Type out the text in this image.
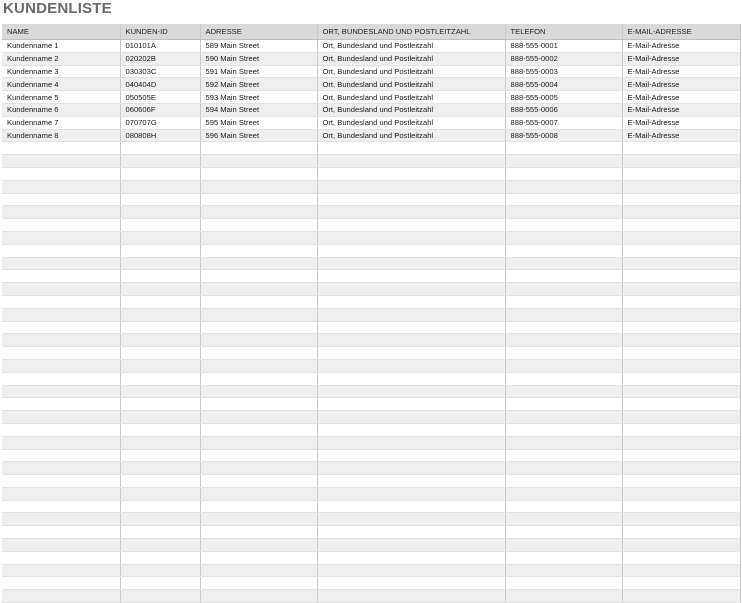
KUNDENLISTE
NAME	KUNDEN-ID	ADRESSE	ORT, BUNDESLAND UND POSTLEITZAHL	TELEFON	E-MAIL-ADRESSE
Kundenname 1	010101A	589 Main Street	Ort, Bundesland und Postleitzahl	888-555-0001	E-Mail-Adresse
Kundenname 2	020202B	590 Main Street	Ort, Bundesland und Postleitzahl	888-555-0002	E-Mail-Adresse
Kundenname 3	030303C	591 Main Street	Ort, Bundesland und Postleitzahl	888-555-0003	E-Mail-Adresse
Kundenname 4	040404D	592 Main Street	Ort, Bundesland und Postleitzahl	888-555-0004	E-Mail-Adresse
Kundenname 5	050505E	593 Main Street	Ort, Bundesland und Postleitzahl	888-555-0005	E-Mail-Adresse
Kundenname 6	060606F	594 Main Street	Ort, Bundesland und Postleitzahl	888-555-0006	E-Mail-Adresse
Kundenname 7	070707G	595 Main Street	Ort, Bundesland und Postleitzahl	888-555-0007	E-Mail-Adresse
Kundenname 8	080808H	596 Main Street	Ort, Bundesland und Postleitzahl	888-555-0008	E-Mail-Adresse
